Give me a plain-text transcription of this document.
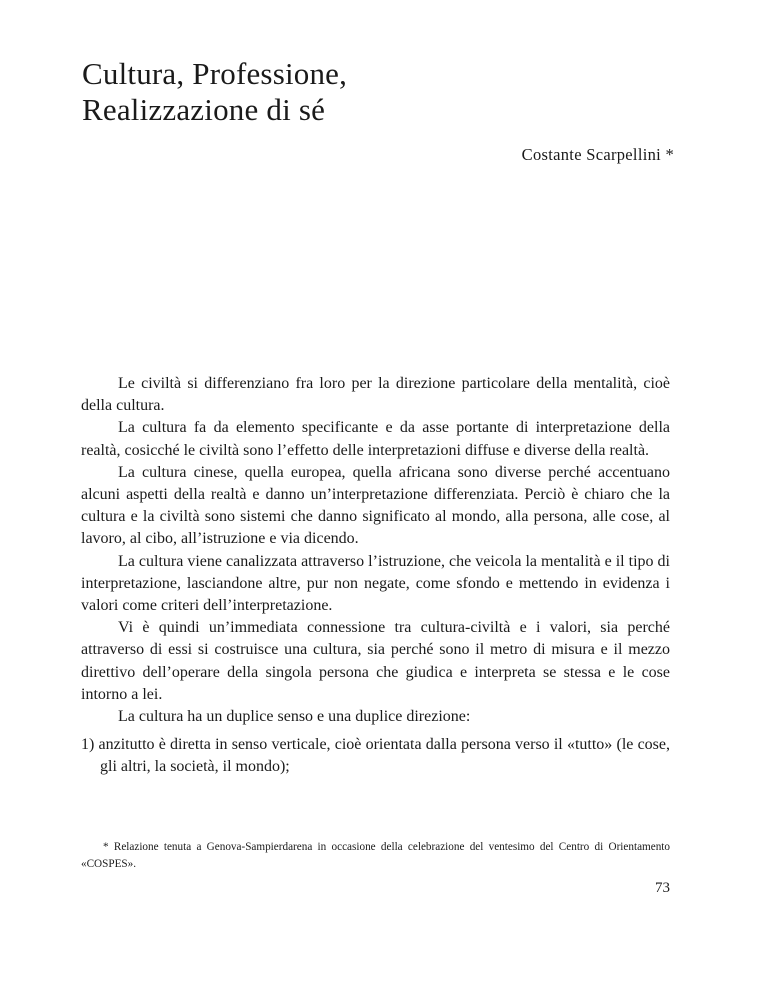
Cultura, Professione,
Realizzazione di sé
Costante Scarpellini *

Le civiltà si differenziano fra loro per la direzione particolare della mentalità, cioè della cultura.

La cultura fa da elemento specificante e da asse portante di interpretazione della realtà, cosicché le civiltà sono l’effetto delle interpretazioni diffuse e diverse della realtà.

La cultura cinese, quella europea, quella africana sono diverse perché accentuano alcuni aspetti della realtà e danno un’interpretazione differenziata. Perciò è chiaro che la cultura e la civiltà sono sistemi che danno significato al mondo, alla persona, alle cose, al lavoro, al cibo, all’istruzione e via dicendo.

La cultura viene canalizzata attraverso l’istruzione, che veicola la mentalità e il tipo di interpretazione, lasciandone altre, pur non negate, come sfondo e mettendo in evidenza i valori come criteri dell’interpretazione.

Vi è quindi un’immediata connessione tra cultura-civiltà e i valori, sia perché attraverso di essi si costruisce una cultura, sia perché sono il metro di misura e il mezzo direttivo dell’operare della singola persona che giudica e interpreta se stessa e le cose intorno a lei.

La cultura ha un duplice senso e una duplice direzione:

1) anzitutto è diretta in senso verticale, cioè orientata dalla persona verso il «tutto» (le cose, gli altri, la società, il mondo);
* Relazione tenuta a Genova-Sampierdarena in occasione della celebrazione del ventesimo del Centro di Orientamento «COSPES».
73
